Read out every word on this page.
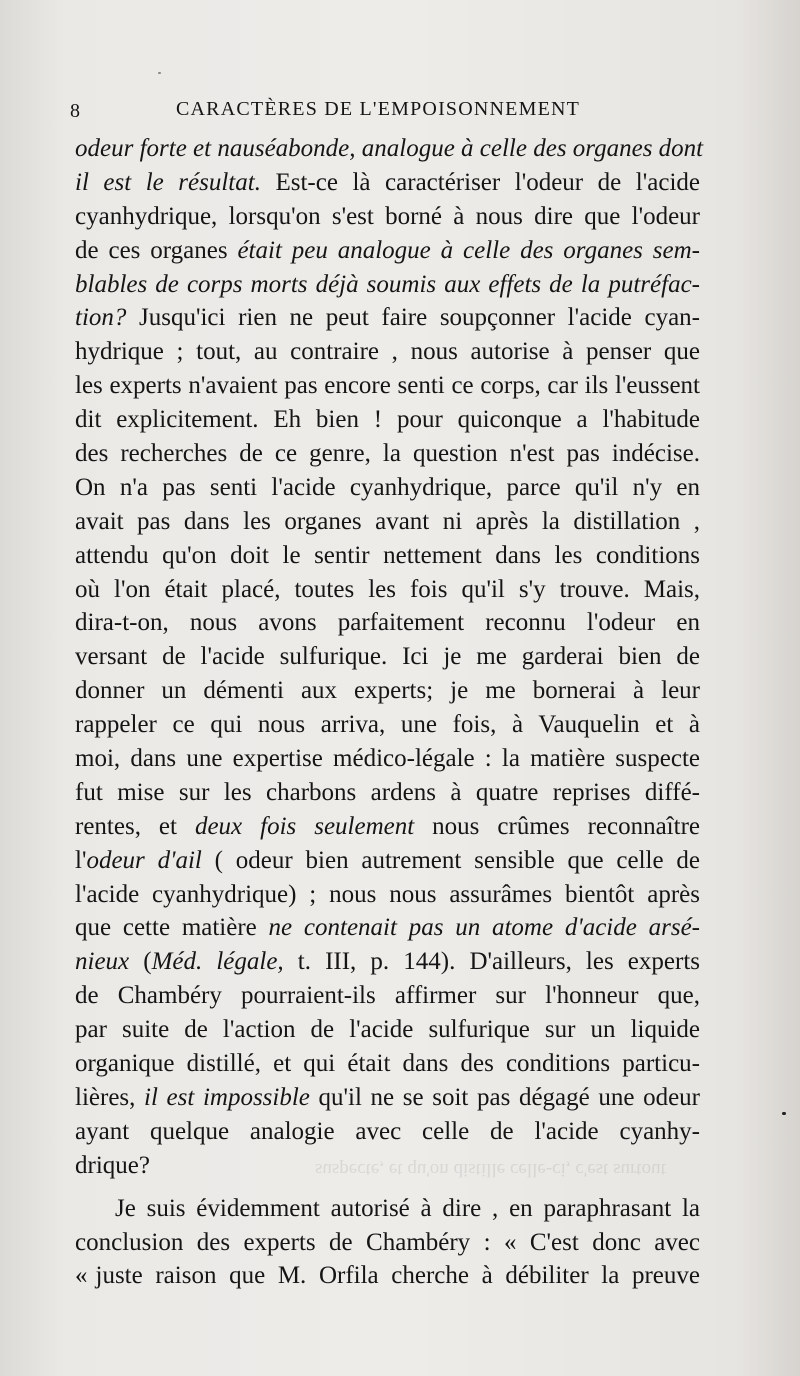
8	CARACTÈRES DE L'EMPOISONNEMENT
odeur forte et nauséabonde, analogue à celle des organes dont
il est le résultat. Est-ce là caractériser l'odeur de l'acide
cyanhydrique, lorsqu'on s'est borné à nous dire que l'odeur
de ces organes était peu analogue à celle des organes sem-
blables de corps morts déjà soumis aux effets de la putréfac-
tion? Jusqu'ici rien ne peut faire soupçonner l'acide cyan-
hydrique ; tout, au contraire , nous autorise à penser que
les experts n'avaient pas encore senti ce corps, car ils l'eussent
dit explicitement. Eh bien ! pour quiconque a l'habitude
des recherches de ce genre, la question n'est pas indécise.
On n'a pas senti l'acide cyanhydrique, parce qu'il n'y en
avait pas dans les organes avant ni après la distillation ,
attendu qu'on doit le sentir nettement dans les conditions
où l'on était placé, toutes les fois qu'il s'y trouve. Mais,
dira-t-on, nous avons parfaitement reconnu l'odeur en
versant de l'acide sulfurique. Ici je me garderai bien de
donner un démenti aux experts; je me bornerai à leur
rappeler ce qui nous arriva, une fois, à Vauquelin et à
moi, dans une expertise médico-légale : la matière suspecte
fut mise sur les charbons ardens à quatre reprises diffé-
rentes, et deux fois seulement nous crûmes reconnaître
l'odeur d'ail ( odeur bien autrement sensible que celle de
l'acide cyanhydrique) ; nous nous assurâmes bientôt après
que cette matière ne contenait pas un atome d'acide arsé-
nieux (Méd. légale, t. III, p. 144). D'ailleurs, les experts
de Chambéry pourraient-ils affirmer sur l'honneur que,
par suite de l'action de l'acide sulfurique sur un liquide
organique distillé, et qui était dans des conditions particu-
lières, il est impossible qu'il ne se soit pas dégagé une odeur
ayant quelque analogie avec celle de l'acide cyanhy-
drique?
Je suis évidemment autorisé à dire , en paraphrasant la
conclusion des experts de Chambéry : « C'est donc avec
« juste raison que M. Orfila cherche à débiliter la preuve
suspecte, et qu'on distille celle-ci, c'est surtout
